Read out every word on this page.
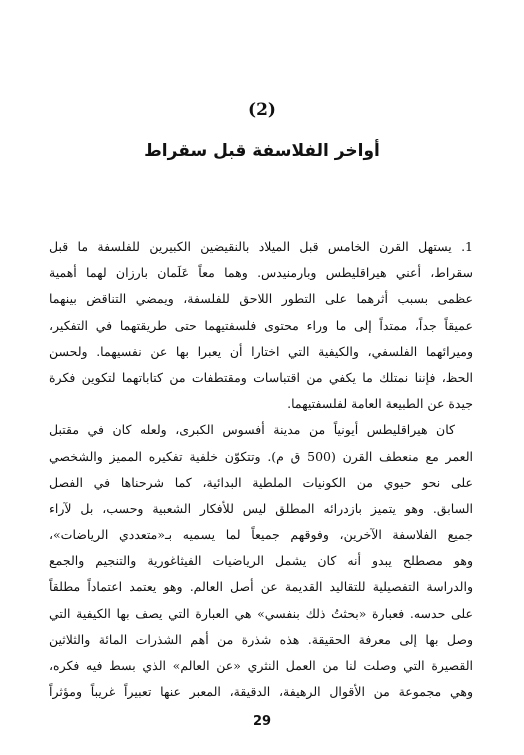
(2)
أواخر الفلاسفة قبل سقراط
1. يستهل القرن الخامس قبل الميلاد بالنقيضين الكبيرين للفلسفة ما قبل
سقراط، أعني هيراقليطس وبارمنيدس. وهما معاً عَلَمان بارزان لهما أهمية
عظمى بسبب أثرهما على التطور اللاحق للفلسفة، ويمضي التناقض بينهما
عميقاً جداً، ممتداً إلى ما وراء محتوى فلسفتيهما حتى طريقتهما في التفكير،
وميرائهما الفلسفي، والكيفية التي اختارا أن يعبرا بها عن نفسيهما. ولحسن
الحظ، فإننا نمتلك ما يكفي من اقتباسات ومقتطفات من كتاباتهما لتكوين فكرة
جيدة عن الطبيعة العامة لفلسفتيهما.
كان هيراقليطس أيونياً من مدينة أفسوس الكبرى، ولعله كان في مقتبل
العمر مع منعطف القرن (500 ق م). وتتكوّن خلفية تفكيره المميز والشخصي
على نحو حيوي من الكونيات الملطية البدائية، كما شرحناها في الفصل
السابق. وهو يتميز بازدرائه المطلق ليس للأفكار الشعبية وحسب، بل لآراء
جميع الفلاسفة الآخرين، وفوقهم جميعاً لما يسميه بـ«متعددي الرياضات»،
وهو مصطلح يبدو أنه كان يشمل الرياضيات الفيثاغورية والتنجيم والجمع
والدراسة التفصيلية للتقاليد القديمة عن أصل العالم. وهو يعتمد اعتماداً مطلقاً
على حدسه. فعبارة «بحثتُ ذلك بنفسي» هي العبارة التي يصف بها الكيفية التي
وصل بها إلى معرفة الحقيقة. هذه شذرة من أهم الشذرات المائة والثلاثين
القصيرة التي وصلت لنا من العمل النثري «عن العالم» الذي بسط فيه فكره،
وهي مجموعة من الأقوال الرهيفة، الدقيقة، المعبر عنها تعبيراً غريباً ومؤثراً
29
